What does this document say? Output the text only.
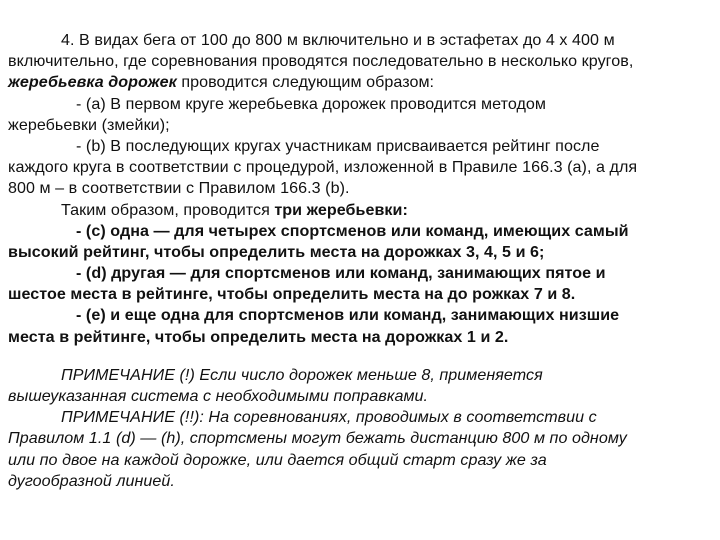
4. В видах бега от 100 до 800 м включительно и в эстафетах до 4 х 400 м
включительно, где соревнования проводятся последовательно в несколько кругов,
жеребьевка дорожек проводится следующим образом:
- (а) В первом круге жеребьевка дорожек проводится методом
жеребьевки (змейки);
- (b) В последующих кругах участникам присваивается рейтинг после
каждого круга в соответствии с процедурой, изложенной в Правиле 166.3 (а), а для
800 м – в соответствии с Правилом 166.3 (b).
Таким образом, проводится три жеребьевки:
- (c) одна — для четырех спортсменов или команд, имеющих самый
высокий рейтинг, чтобы определить места на дорожках 3, 4, 5 и 6;
- (d) другая — для спортсменов или команд, занимающих пятое и
шестое места в рейтинге, чтобы определить места на до рожках 7 и 8.
- (е) и еще одна для спортсменов или команд, занимающих низшие
места в рейтинге, чтобы определить места на дорожках 1 и 2.
ПРИМЕЧАНИЕ (!) Если число дорожек меньше 8, применяется
вышеуказанная система с необходимыми поправками.
ПРИМЕЧАНИЕ (!!): На соревнованиях, проводимых в соответствии с
Правилом 1.1 (d) — (h), спортсмены могут бежать дистанцию 800 м по одному
или по двое на каждой дорожке, или дается общий старт сразу же за
дугообразной линией.
